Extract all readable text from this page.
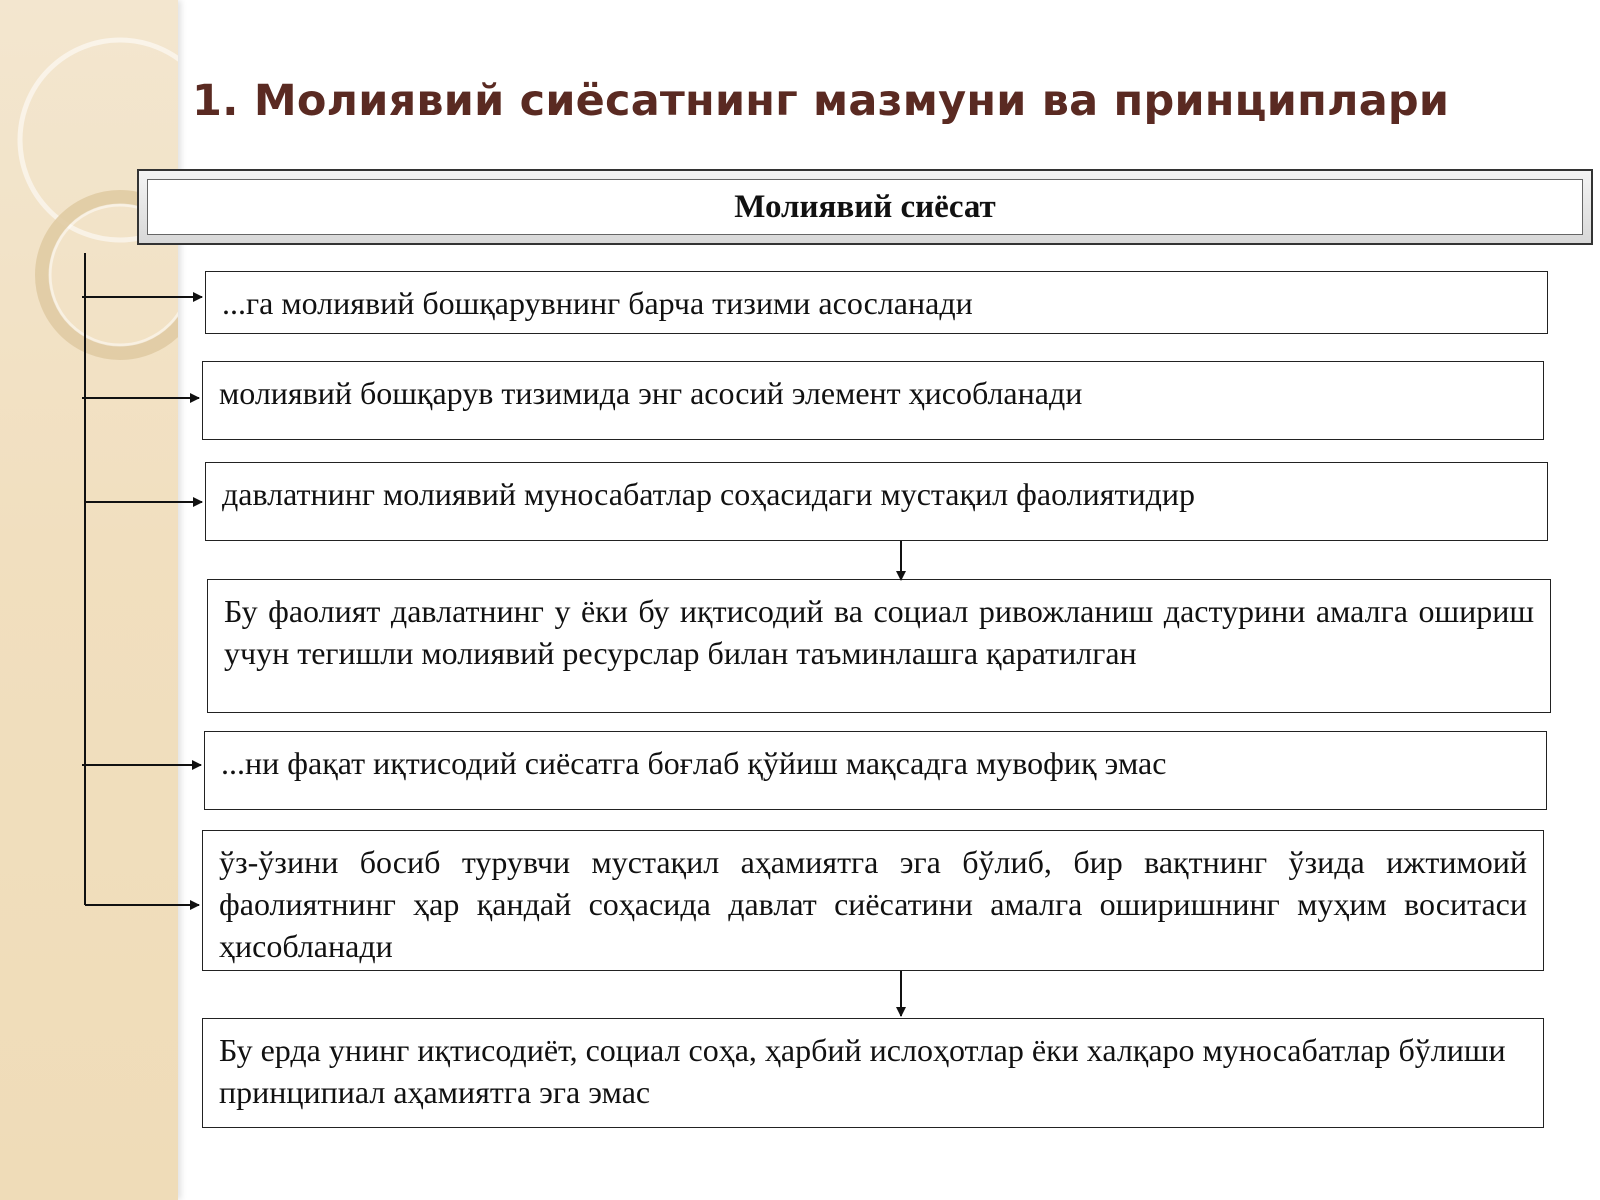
1. Молиявий сиёсатнинг мазмуни ва принциплари
Молиявий сиёсат
...га молиявий бошқарувнинг барча тизими асосланади
молиявий бошқарув тизимида энг асосий элемент ҳисобланади
давлатнинг молиявий муносабатлар соҳасидаги мустақил фаолиятидир
Бу фаолият давлатнинг у ёки бу иқтисодий ва социал ривожланиш дастурини амалга ошириш учун тегишли молиявий ресурслар билан таъминлашга қаратилган
...ни фақат иқтисодий сиёсатга боғлаб қўйиш мақсадга мувофиқ эмас
ўз-ўзини босиб турувчи мустақил аҳамиятга эга бўлиб, бир вақтнинг ўзида ижтимоий фаолиятнинг ҳар қандай соҳасида давлат сиёсатини амалга оширишнинг муҳим воситаси ҳисобланади
Бу ерда унинг иқтисодиёт, социал соҳа, ҳарбий ислоҳотлар ёки халқаро муносабатлар бўлиши принципиал аҳамиятга эга эмас
